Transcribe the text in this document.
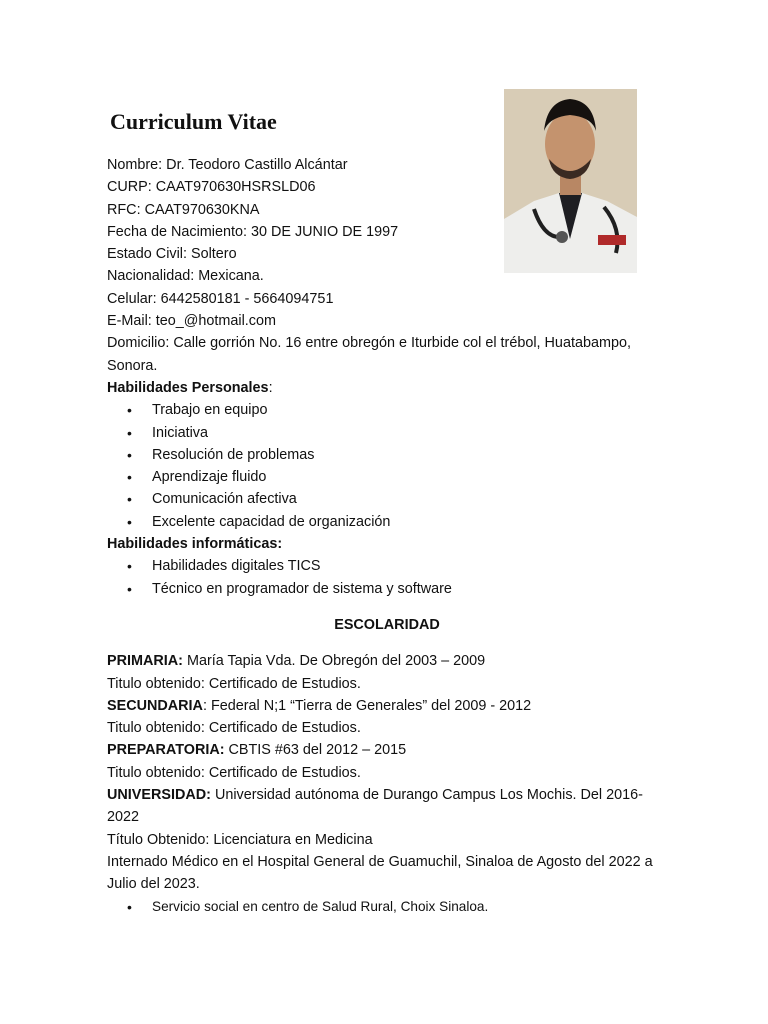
Curriculum Vitae

Nombre: Dr. Teodoro Castillo Alcántar

CURP: CAAT970630HSRSLD06

RFC: CAAT970630KNA

Fecha de Nacimiento: 30 DE JUNIO DE 1997

Estado Civil: Soltero

Nacionalidad: Mexicana.

Celular: 6442580181 - 5664094751

E-Mail: teo_@hotmail.com

Domicilio: Calle gorrión No. 16 entre obregón e Iturbide col el trébol, Huatabampo,
Sonora.

Habilidades Personales:

• Trabajo en equipo
• Iniciativa
• Resolución de problemas
• Aprendizaje fluido
• Comunicación afectiva
• Excelente capacidad de organización

Habilidades informáticas:

• Habilidades digitales TICS
• Técnico en programador de sistema y software

ESCOLARIDAD

PRIMARIA: María Tapia Vda. De Obregón del 2003 – 2009

Titulo obtenido: Certificado de Estudios.

SECUNDARIA: Federal N;1 “Tierra de Generales” del 2009 - 2012

Titulo obtenido: Certificado de Estudios.

PREPARATORIA: CBTIS #63 del 2012 – 2015

Titulo obtenido: Certificado de Estudios.

UNIVERSIDAD: Universidad autónoma de Durango Campus Los Mochis. Del 2016-
2022

Título Obtenido: Licenciatura en Medicina

Internado Médico en el Hospital General de Guamuchil, Sinaloa de Agosto del 2022 a
Julio del 2023.

• Servicio social en centro de Salud Rural, Choix Sinaloa.
